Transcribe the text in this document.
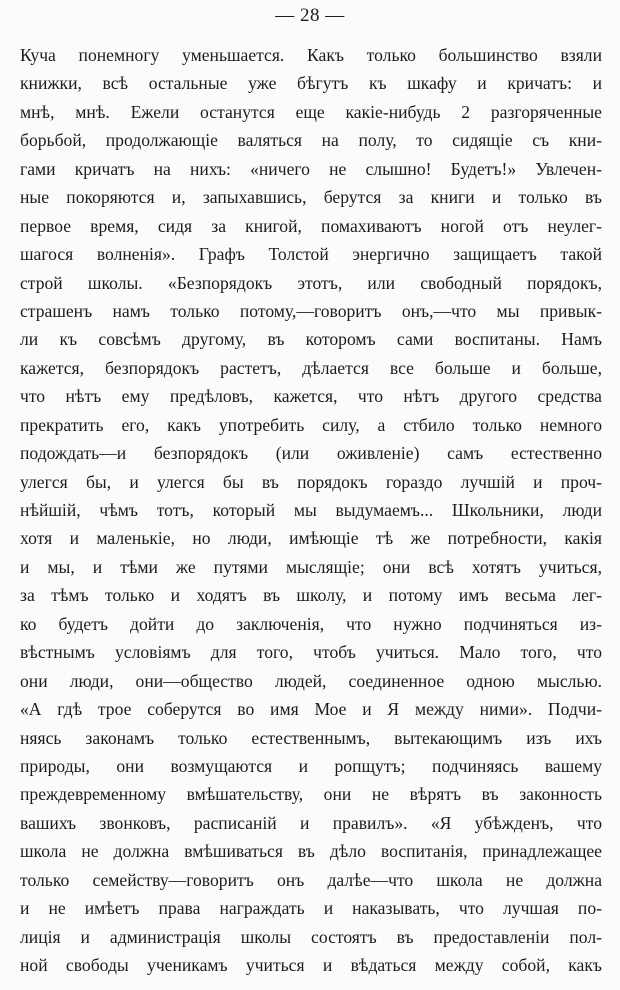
— 28 —
Куча понемногу уменьшается. Какъ только большинство взяли
книжки, всѣ остальные уже бѣгутъ къ шкафу и кричатъ: и
мнѣ, мнѣ. Ежели останутся еще какіе-нибудь 2 разгоряченные
борьбой, продолжающіе валяться на полу, то сидящіе съ кни-
гами кричатъ на нихъ: «ничего не слышно! Будетъ!» Увлечен-
ные покоряются и, запыхавшись, берутся за книги и только въ
первое время, сидя за книгой, помахиваютъ ногой отъ неулег-
шагося волненія». Графъ Толстой энергично защищаетъ такой
строй школы. «Безпорядокъ этотъ, или свободный порядокъ,
страшенъ намъ только потому,—говоритъ онъ,—что мы привык-
ли къ совсѣмъ другому, въ которомъ сами воспитаны. Намъ
кажется, безпорядокъ растетъ, дѣлается все больше и больше,
что нѣтъ ему предѣловъ, кажется, что нѣтъ другого средства
прекратить его, какъ употребить силу, а стбило только немного
подождать—и безпорядокъ (или оживленіе) самъ естественно
улегся бы, и улегся бы въ порядокъ гораздо лучшій и проч-
нѣйшій, чѣмъ тотъ, который мы выдумаемъ... Школьники, люди
хотя и маленькіе, но люди, имѣющіе тѣ же потребности, какія
и мы, и тѣми же путями мыслящіе; они всѣ хотятъ учиться,
за тѣмъ только и ходятъ въ школу, и потому имъ весьма лег-
ко будетъ дойти до заключенія, что нужно подчиняться из-
вѣстнымъ условіямъ для того, чтобъ учиться. Мало того, что
они люди, они—общество людей, соединенное одною мыслью.
«А гдѣ трое соберутся во имя Мое и Я между ними». Подчи-
няясь законамъ только естественнымъ, вытекающимъ изъ ихъ
природы, они возмущаются и ропщутъ; подчиняясь вашему
преждевременному вмѣшательству, они не вѣрятъ въ законность
вашихъ звонковъ, расписаній и правилъ». «Я убѣжденъ, что
школа не должна вмѣшиваться въ дѣло воспитанія, принадлежащее
только семейству—говоритъ онъ далѣе—что школа не должна
и не имѣетъ права награждать и наказывать, что лучшая по-
лиція и администрація школы состоятъ въ предоставленіи пол-
ной свободы ученикамъ учиться и вѣдаться между собой, какъ
